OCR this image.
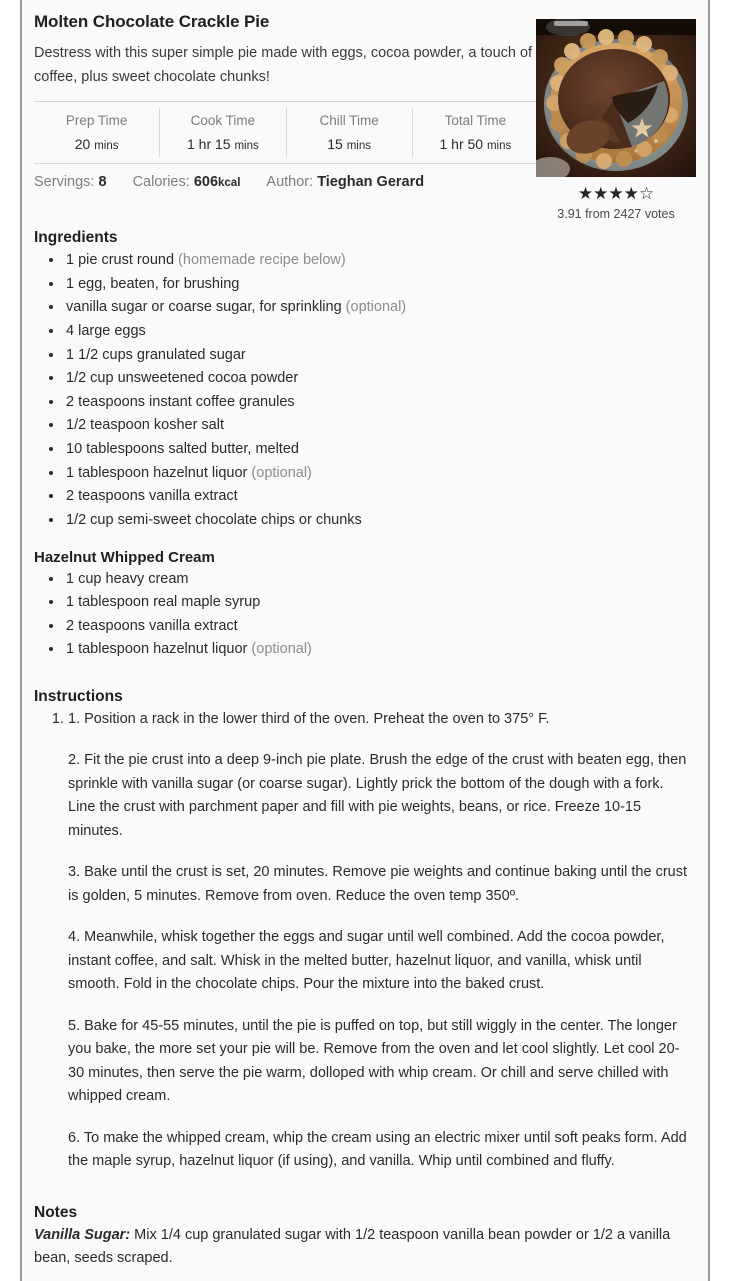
Molten Chocolate Crackle Pie

Destress with this super simple pie made with eggs, cocoa powder, a touch of coffee, plus sweet chocolate chunks!

Prep Time
20 mins
Cook Time
1 hr 15 mins
Chill Time
15 mins
Total Time
1 hr 50 mins
Servings: 8 Calories: 606kcal Author: Tieghan Gerard
★★★★☆
3.91 from 2427 votes
Ingredients
• 1 pie crust round (homemade recipe below)
• 1 egg, beaten, for brushing
• vanilla sugar or coarse sugar, for sprinkling (optional)
• 4 large eggs
• 1 1/2 cups granulated sugar
• 1/2 cup unsweetened cocoa powder
• 2 teaspoons instant coffee granules
• 1/2 teaspoon kosher salt
• 10 tablespoons salted butter, melted
• 1 tablespoon hazelnut liquor (optional)
• 2 teaspoons vanilla extract
• 1/2 cup semi-sweet chocolate chips or chunks
Hazelnut Whipped Cream
• 1 cup heavy cream
• 1 tablespoon real maple syrup
• 2 teaspoons vanilla extract
• 1 tablespoon hazelnut liquor (optional)
Instructions

1. 1. Position a rack in the lower third of the oven. Preheat the oven to 375° F.

2. Fit the pie crust into a deep 9-inch pie plate. Brush the edge of the crust with beaten egg, then sprinkle with vanilla sugar (or coarse sugar). Lightly prick the bottom of the dough with a fork. Line the crust with parchment paper and fill with pie weights, beans, or rice. Freeze 10-15 minutes.

3. Bake until the crust is set, 20 minutes. Remove pie weights and continue baking until the crust is golden, 5 minutes. Remove from oven. Reduce the oven temp 350º.

4. Meanwhile, whisk together the eggs and sugar until well combined. Add the cocoa powder, instant coffee, and salt. Whisk in the melted butter, hazelnut liquor, and vanilla, whisk until smooth. Fold in the chocolate chips. Pour the mixture into the baked crust.

5. Bake for 45-55 minutes, until the pie is puffed on top, but still wiggly in the center. The longer you bake, the more set your pie will be. Remove from the oven and let cool slightly. Let cool 20-30 minutes, then serve the pie warm, dolloped with whip cream. Or chill and serve chilled with whipped cream.

6. To make the whipped cream, whip the cream using an electric mixer until soft peaks form. Add the maple syrup, hazelnut liquor (if using), and vanilla. Whip until combined and fluffy.

Notes

Vanilla Sugar: Mix 1/4 cup granulated sugar with 1/2 teaspoon vanilla bean powder or 1/2 a vanilla bean, seeds scraped.
